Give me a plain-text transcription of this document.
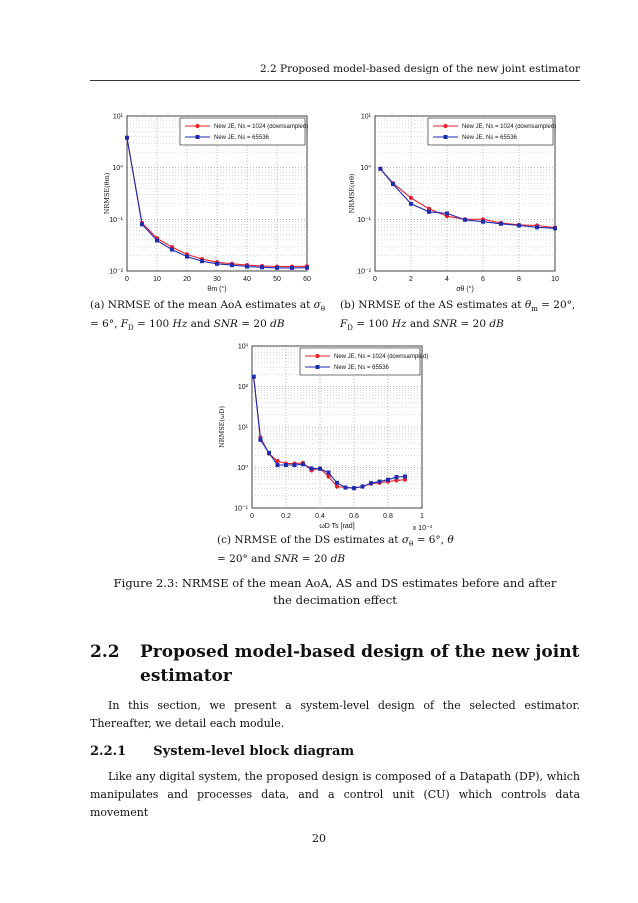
2.2 Proposed model-based design of the new joint estimator
10⁻²
10⁻¹
10⁰
10¹
0	10	20	30	40	50	60
θm (°)
NRMSE(θm)
New JE, Ns = 1024 (downsampled)
New JE, Ns = 65536
10⁻²
10⁻¹
10⁰
10¹
0	2	4	6	8	10
σθ (°)
NRMSE(σθ)
New JE, Ns = 1024 (downsampled)
New JE, Ns = 65536
10⁻¹
10⁰
10¹
10²
10³
0	0.2	0.4	0.6	0.8	1
ωD Ts [rad]
NRMSE(ωD)
x 10⁻³
New JE, Ns = 1024 (downsampled)
New JE, Ns = 65536
(a) NRMSE of the mean AoA estimates at $\sigma_\theta = 6^\circ$, $F_D = 100$ Hz and SNR = 20 dB
(b) NRMSE of the AS estimates at $\theta_m = 20^\circ$, $F_D = 100$ Hz and SNR = 20 dB
(c) NRMSE of the DS estimates at $\sigma_\theta = 6^\circ$, θ = 20° and SNR = 20 dB
Figure 2.3: NRMSE of the mean AoA, AS and DS estimates before and after the decimation effect
2.2 Proposed model-based design of the new joint estimator
In this section, we present a system-level design of the selected estimator. Thereafter, we detail each module.
2.2.1 System-level block diagram
Like any digital system, the proposed design is composed of a Datapath (DP), which manipulates and processes data, and a control unit (CU) which controls data movement
20
